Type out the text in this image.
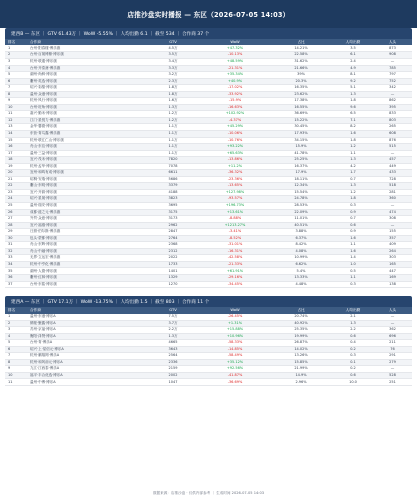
店推沙盘实时播报 — 东区（2026-07-05 14:03）
建西B — 东区 ｜ GTV 61.43万 ｜ WoW -5.55% ｜ 人均出勤 6.1 ｜ 截至 534 ｜ 合作商 37 个
排名	合作商	GTV	WoW	占比	人均出勤	人头
1	台州·阳春楼·博乐旗	4.5万	+47.32%	14.21%	3.5	873
2	台州·百晟博鼎·博乐旗	3.5万	-10.13%	22.58%	6.1	908
3	杭州·联通·博乐旗	3.4万	+48.59%	31.62%	2.4	—
4	台州·开泰斋·博乐旗	3.3万	-21.31%	21.66%	4.9	785
5	湖州·尚鲜·博乐旗	3.2万	+35.34%	39%	8.1	797
6	衢州·英选·博乐旗	2.3万	+40.9%	20.3%	9.2	752
7	绍兴·彩酷·博乐旗	1.8万	-17.02%	16.35%	5.1	342
8	温州·众港·博乐旗	1.8万	-33.92%	23.62%	1.3	—
9	杭州·风行·博乐旗	1.6万	-15.9%	17.38%	1.8	862
10	台州·旺角·博乐旗	1.3万	-16.63%	16.55%	9.6	395
11	嘉兴·勤禾·博乐旗	1.2万	+102.92%	36.69%	6.5	833
12	江门·星悦力·博乐旗	1.2万	-4.37%	15.22%	7.1	803
13	金华·馨德·博乐旗	1.1万	+45.29%	30.45%	8.2	265
14	东营·青鸟鑫·博乐旗	1.1万	-10.06%	17.93%	1.6	608
15	杭州·联汇仁山·博乐旗	1.1万	-10.76%	34.15%	1.8	876
16	舟山·东岛·博乐旗	1.1万	+93.22%	15.9%	1.2	515
17	温州·三益·博乐旗	1.1万	+65.63%	41.78%	1.1	—
18	宜兴·茂禾·博乐旗	7820	-13.86%	25.25%	1.3	457
19	杭州·孟华·博乐旗	7078	+11.2%	16.37%	4.2	449
20	宜州·和鸣有成·博乐旗	6611	-36.32%	17.9%	1.7	433
21	绍桐·安瑞·博乐旗	5686	-23.36%	18.11%	0.7	728
22	衢山·东明·博乐旗	3379	-13.65%	12.34%	1.3	518
23	宜兴·开源·博乐旗	4188	+127.98%	15.54%	1.2	281
24	绍兴·星晟·博乐旗	3823	-93.57%	24.78%	1.8	360
25	温州·瑞安·博乐旗	3695	+196.73%	28.53%	0.3	—
26	成都·道之元·博乐旗	3175	+13.61%	22.09%	0.9	474
27	外贸·众意·博乐旗	3173	-8.88%	11.01%	0.7	308
28	宜兴·福禧·博乐旗	2962	+1213.27%	40.51%	0.6	—
29	日照·伯尔斯·博乐旗	2847	-3.41%	3.88%	0.9	155
30	包头·蒙都·博乐旗	2764	-8.52%	6.37%	1.6	357
31	舟山·东辉·博乐旗	2368	-31.01%	8.42%	1.1	409
32	舟山·中融·博乐旗	2312	-16.31%	4.08%	1.6	264
33	无界·立运宏·博乐旗	2022	-42.58%	10.99%	1.4	303
34	杭州·中亨化·博乐旗	1733	-21.33%	6.62%	1.0	165
35	湖州·人德·博乐旗	1401	+61.91%	5.4%	0.5	447
36	衢州·红林·博乐旗	1329	-29.16%	13.33%	1.1	169
37	台州·东铭·博乐旗	1270	-34.45%	4.48%	0.3	138
建西A — 东区 ｜ GTV 17.1万 ｜ WoW -13.75% ｜ 人均出勤 1.5 ｜ 截至 803 ｜ 合作商 11 个
排名	合作商	GTV	WoW	占比	人均出勤	人头
1	温州·东港·博乐A	7.5万	-26.45%	20.74%	2.1	—
2	鹤壁·聚鑫·博乐A	3.7万	+1.31%	40.92%	1.3	—
3	苏州·京福·博乐A	2.2万	+15.88%	25.35%	2.2	362
4	衡阳·泽贤·博乐A	1.3万	+10.96%	19.99%	0.6	696
5	台州·青·博乐A	4665	-58.33%	26.87%	0.4	211
6	绍兴·上·星信元·博乐A	3643	-14.85%	14.02%	0.2	76
7	杭州·鹏翔网·博乐A	2564	-58.49%	13.26%	0.3	291
8	杭州·和风前元·博乐A	2336	+35.12%	15.85%	0.1	279
9	九江·江西泰·博乐A	2159	+92.56%	21.99%	0.2	—
10	福平·丰合优选·博乐A	2002	-41.87%	14.9%	0.6	528
11	温州·中博·博乐A	1047	-36.69%	2.96%	10.0	251
数据来源：店推沙盘 · 仅供内部参考 ｜ 生成时间 2026-07-05 14:03
